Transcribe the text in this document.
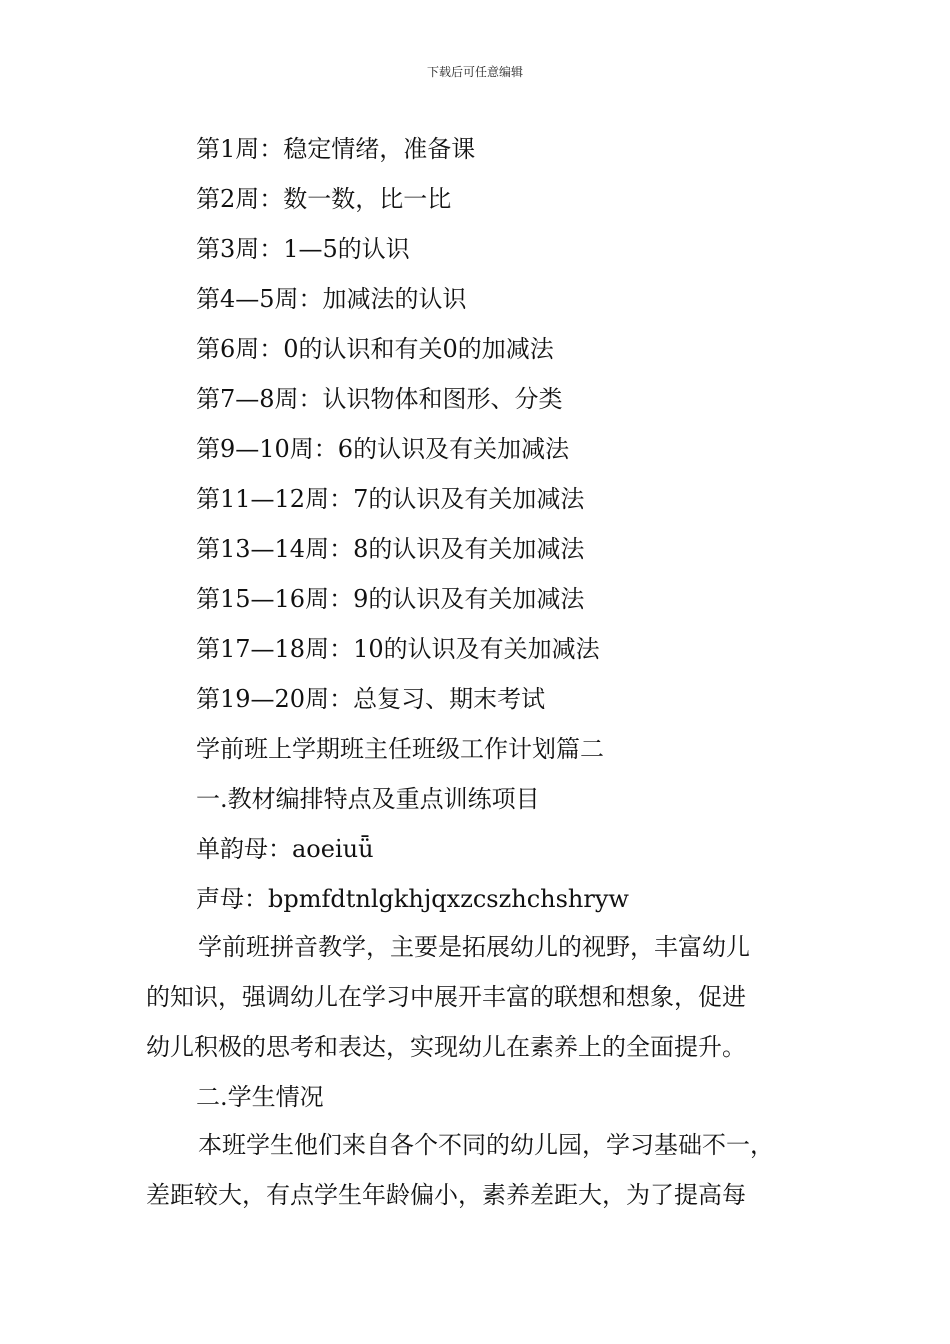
下载后可任意编辑
第1周：稳定情绪，准备课
第2周：数一数，比一比
第3周：1—5的认识
第4—5周：加减法的认识
第6周：0的认识和有关0的加减法
第7—8周：认识物体和图形、分类
第9—10周：6的认识及有关加减法
第11—12周：7的认识及有关加减法
第13—14周：8的认识及有关加减法
第15—16周：9的认识及有关加减法
第17—18周：10的认识及有关加减法
第19—20周：总复习、期末考试
学前班上学期班主任班级工作计划篇二
一.教材编排特点及重点训练项目
单韵母：aoeiuǖ
声母：bpmfdtnlgkhjqxzcszhchshryw
学前班拼音教学，主要是拓展幼儿的视野，丰富幼儿
的知识，强调幼儿在学习中展开丰富的联想和想象，促进
幼儿积极的思考和表达，实现幼儿在素养上的全面提升。
二.学生情况
本班学生他们来自各个不同的幼儿园，学习基础不一，
差距较大，有点学生年龄偏小，素养差距大，为了提高每
